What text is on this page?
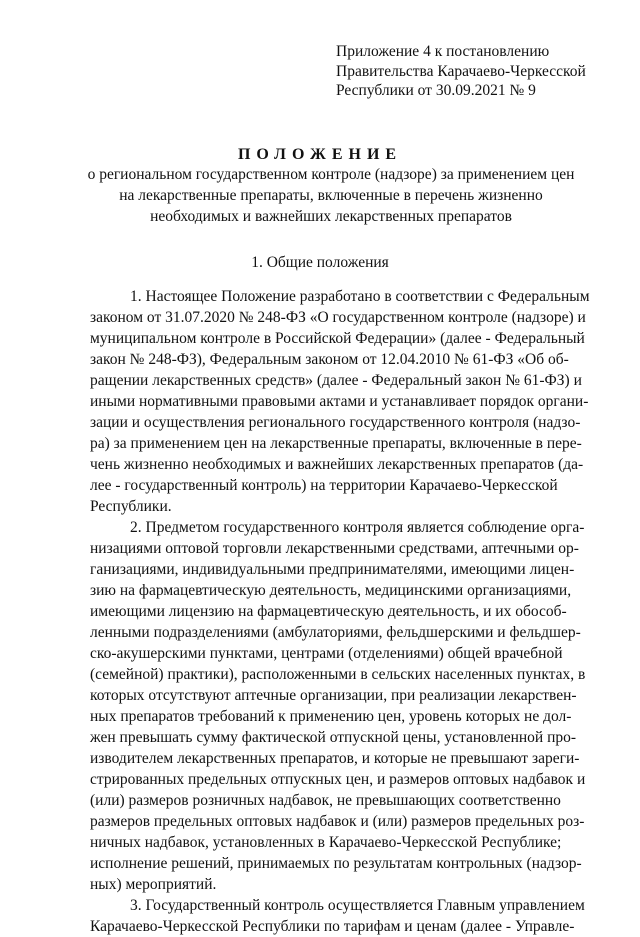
Приложение 4 к постановлению
Правительства Карачаево-Черкесской
Республики от 30.09.2021 № 9
ПОЛОЖЕНИЕ
о региональном государственном контроле (надзоре) за применением цен
на лекарственные препараты, включенные в перечень жизненно
необходимых и важнейших лекарственных препаратов
1. Общие положения
1. Настоящее Положение разработано в соответствии с Федеральным
законом от 31.07.2020 № 248-ФЗ «О государственном контроле (надзоре) и
муниципальном контроле в Российской Федерации» (далее - Федеральный
закон № 248-ФЗ), Федеральным законом от 12.04.2010 № 61-ФЗ «Об об-
ращении лекарственных средств» (далее - Федеральный закон № 61-ФЗ) и
иными нормативными правовыми актами и устанавливает порядок органи-
зации и осуществления регионального государственного контроля (надзо-
ра) за применением цен на лекарственные препараты, включенные в пере-
чень жизненно необходимых и важнейших лекарственных препаратов (да-
лее - государственный контроль) на территории Карачаево-Черкесской
Республики.
2. Предметом государственного контроля является соблюдение орга-
низациями оптовой торговли лекарственными средствами, аптечными ор-
ганизациями, индивидуальными предпринимателями, имеющими лицен-
зию на фармацевтическую деятельность, медицинскими организациями,
имеющими лицензию на фармацевтическую деятельность, и их обособ-
ленными подразделениями (амбулаториями, фельдшерскими и фельдшер-
ско-акушерскими пунктами, центрами (отделениями) общей врачебной
(семейной) практики), расположенными в сельских населенных пунктах, в
которых отсутствуют аптечные организации, при реализации лекарствен-
ных препаратов требований к применению цен, уровень которых не дол-
жен превышать сумму фактической отпускной цены, установленной про-
изводителем лекарственных препаратов, и которые не превышают зареги-
стрированных предельных отпускных цен, и размеров оптовых надбавок и
(или) размеров розничных надбавок, не превышающих соответственно
размеров предельных оптовых надбавок и (или) размеров предельных роз-
ничных надбавок, установленных в Карачаево-Черкесской Республике;
исполнение решений, принимаемых по результатам контрольных (надзор-
ных) мероприятий.
3. Государственный контроль осуществляется Главным управлением
Карачаево-Черкесской Республики по тарифам и ценам (далее - Управле-
